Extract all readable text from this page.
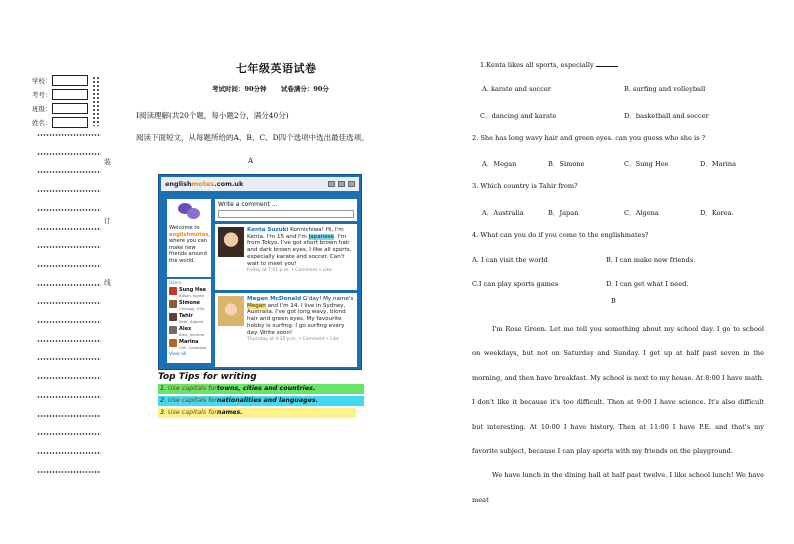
学校：
考号：
班级：
姓名：
装
订
线
七年级英语试卷
考试时间：90分钟 试卷满分：90分
I阅读理解(共20个题，每小题2分，满分40分)
阅读下面短文，从每题所给的A、B、C、D四个选项中选出最佳选项。
A
englishmotes.com.uk
Welcome to
englishmotes, where you can make new friends around the world.
Users
Sung Hee
Busan, Korea
Simone
Chicago, USA
Tahir
Setif, Algeria
Alex
Kiev, Ukraine
Marina
Cali, Colombia
View all
Write a comment ...
Kenta Suzuki Konnichiwa! Hi, I'm Kenta. I'm 15 and I'm Japanese. I'm from Tokyo. I've got short brown hair and dark brown eyes. I like all sports, especially karate and soccer. Can't wait to meet you!
Friday at 7:01 p.m. • Comment • Like
Megan McDonald G'day! My name's Megan and I'm 14. I live in Sydney, Australia. I've got long wavy, blond hair and green eyes. My favourite hobby is surfing. I go surfing every day. Write soon!
Thursday at 4:35 p.m. • Comment • Like
Top Tips for writing
1. Use capitals for towns, cities and countries.
2. Use capitals for nationalities and languages.
3. Use capitals for names.
1.Kenta likes all sports, especially
A. karate and soccer	B. surfing and volleyball
C．dancing and karate	D．basketball and soccer
2. She has long wavy hair and green eyes. can you guess who she is ?
A．Megan	B．Simone	C．Sung Hee	D．Marina
3. Which country is Tahir from?
A．Australia	B．Japan	C．Algena	D．Korea.
4. What can you do if you come to the englishmates?
A. I can visit the world	B. I can make new friends.
C.I can play sports games	D. I can get what I need.
B

I'm Rose Green. Let me tell you something about my school day. I go to school on weekdays, but not on Saturday and Sunday. I get up at half past seven in the morning, and then have breakfast. My school is next to my house. At 8:00 I have math. I don't like it because it's too difficult. Then at 9:00 I have science. It's also difficult but interesting. At 10:00 I have history. Then at 11:00 I have P.E. and that's my favorite subject, because I can play sports with my friends on the playground.

We have lunch in the dining hall at half past twelve. I like school lunch! We have meat
